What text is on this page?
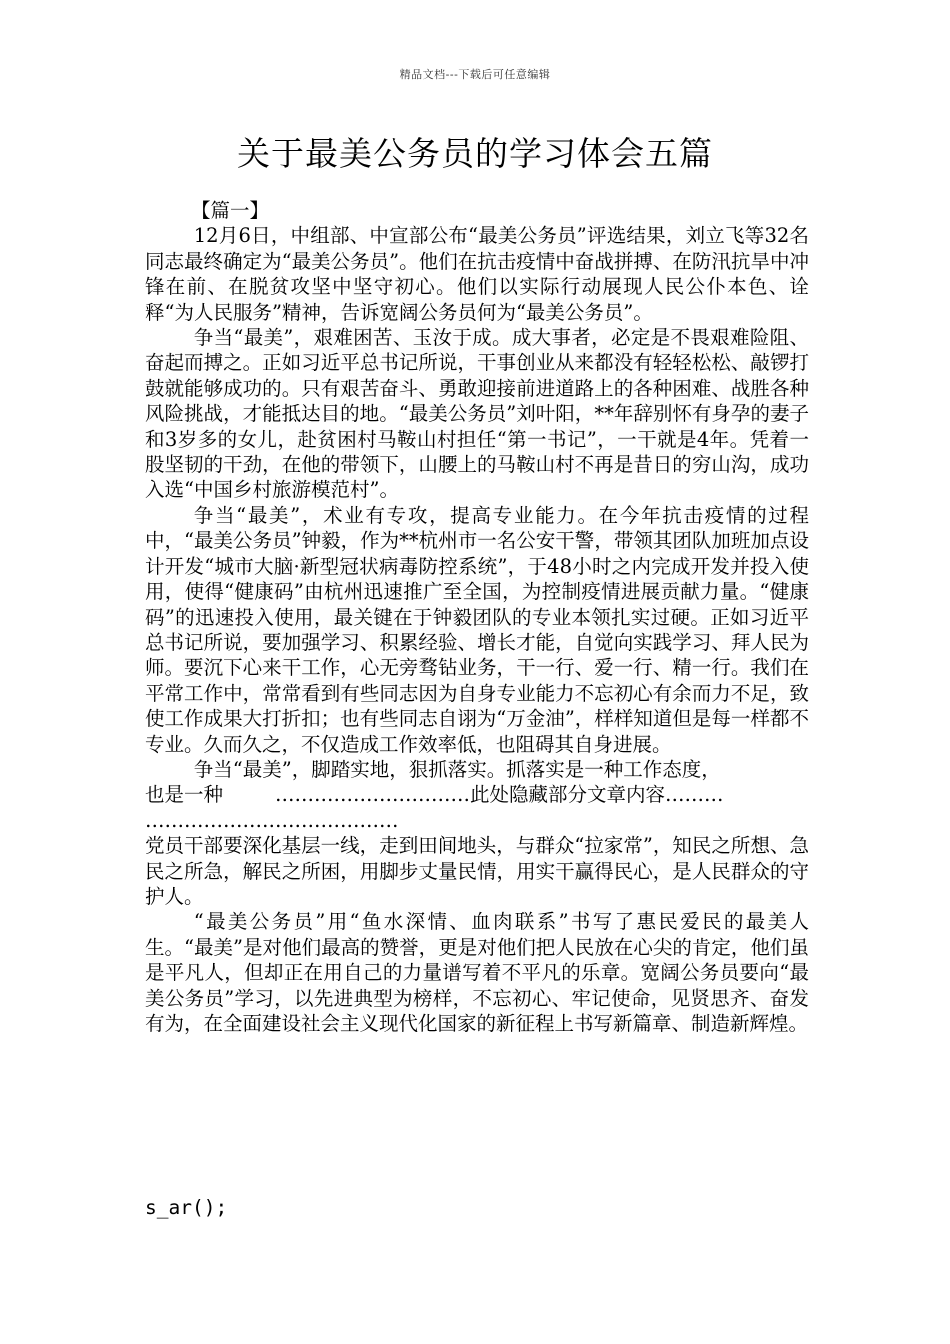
精品文档---下载后可任意编辑
关于最美公务员的学习体会五篇

【篇一】

12月6日，中组部、中宣部公布“最美公务员”评选结果，刘立飞等32名同志最终确定为“最美公务员”。他们在抗击疫情中奋战拼搏、在防汛抗旱中冲锋在前、在脱贫攻坚中坚守初心。他们以实际行动展现人民公仆本色、诠释“为人民服务”精神，告诉宽阔公务员何为“最美公务员”。

争当“最美”，艰难困苦、玉汝于成。成大事者，必定是不畏艰难险阻、奋起而搏之。正如习近平总书记所说，干事创业从来都没有轻轻松松、敲锣打鼓就能够成功的。只有艰苦奋斗、勇敢迎接前进道路上的各种困难、战胜各种风险挑战，才能抵达目的地。“最美公务员”刘叶阳，**年辞别怀有身孕的妻子和3岁多的女儿，赴贫困村马鞍山村担任“第一书记”，一干就是4年。凭着一股坚韧的干劲，在他的带领下，山腰上的马鞍山村不再是昔日的穷山沟，成功入选“中国乡村旅游模范村”。

争当“最美”，术业有专攻，提高专业能力。在今年抗击疫情的过程中，“最美公务员”钟毅，作为**杭州市一名公安干警，带领其团队加班加点设计开发“城市大脑·新型冠状病毒防控系统”，于48小时之内完成开发并投入使用，使得“健康码”由杭州迅速推广至全国，为控制疫情进展贡献力量。“健康码”的迅速投入使用，最关键在于钟毅团队的专业本领扎实过硬。正如习近平总书记所说，要加强学习、积累经验、增长才能，自觉向实践学习、拜人民为师。要沉下心来干工作，心无旁骛钻业务，干一行、爱一行、精一行。我们在平常工作中，常常看到有些同志因为自身专业能力不忘初心有余而力不足，致使工作成果大打折扣；也有些同志自诩为“万金油”，样样知道但是每一样都不专业。久而久之，不仅造成工作效率低，也阻碍其自身进展。

争当“最美”，脚踏实地，狠抓落实。抓落实是一种工作态度，

也是一种	…………………………此处隐藏部分文章内容………

…………………………………

党员干部要深化基层一线，走到田间地头，与群众“拉家常”，知民之所想、急民之所急，解民之所困，用脚步丈量民情，用实干赢得民心，是人民群众的守护人。

“最美公务员”用“鱼水深情、血肉联系”书写了惠民爱民的最美人生。“最美”是对他们最高的赞誉，更是对他们把人民放在心尖的肯定，他们虽是平凡人，但却正在用自己的力量谱写着不平凡的乐章。宽阔公务员要向“最美公务员”学习，以先进典型为榜样，不忘初心、牢记使命，见贤思齐、奋发有为，在全面建设社会主义现代化国家的新征程上书写新篇章、制造新辉煌。

s_ar();
